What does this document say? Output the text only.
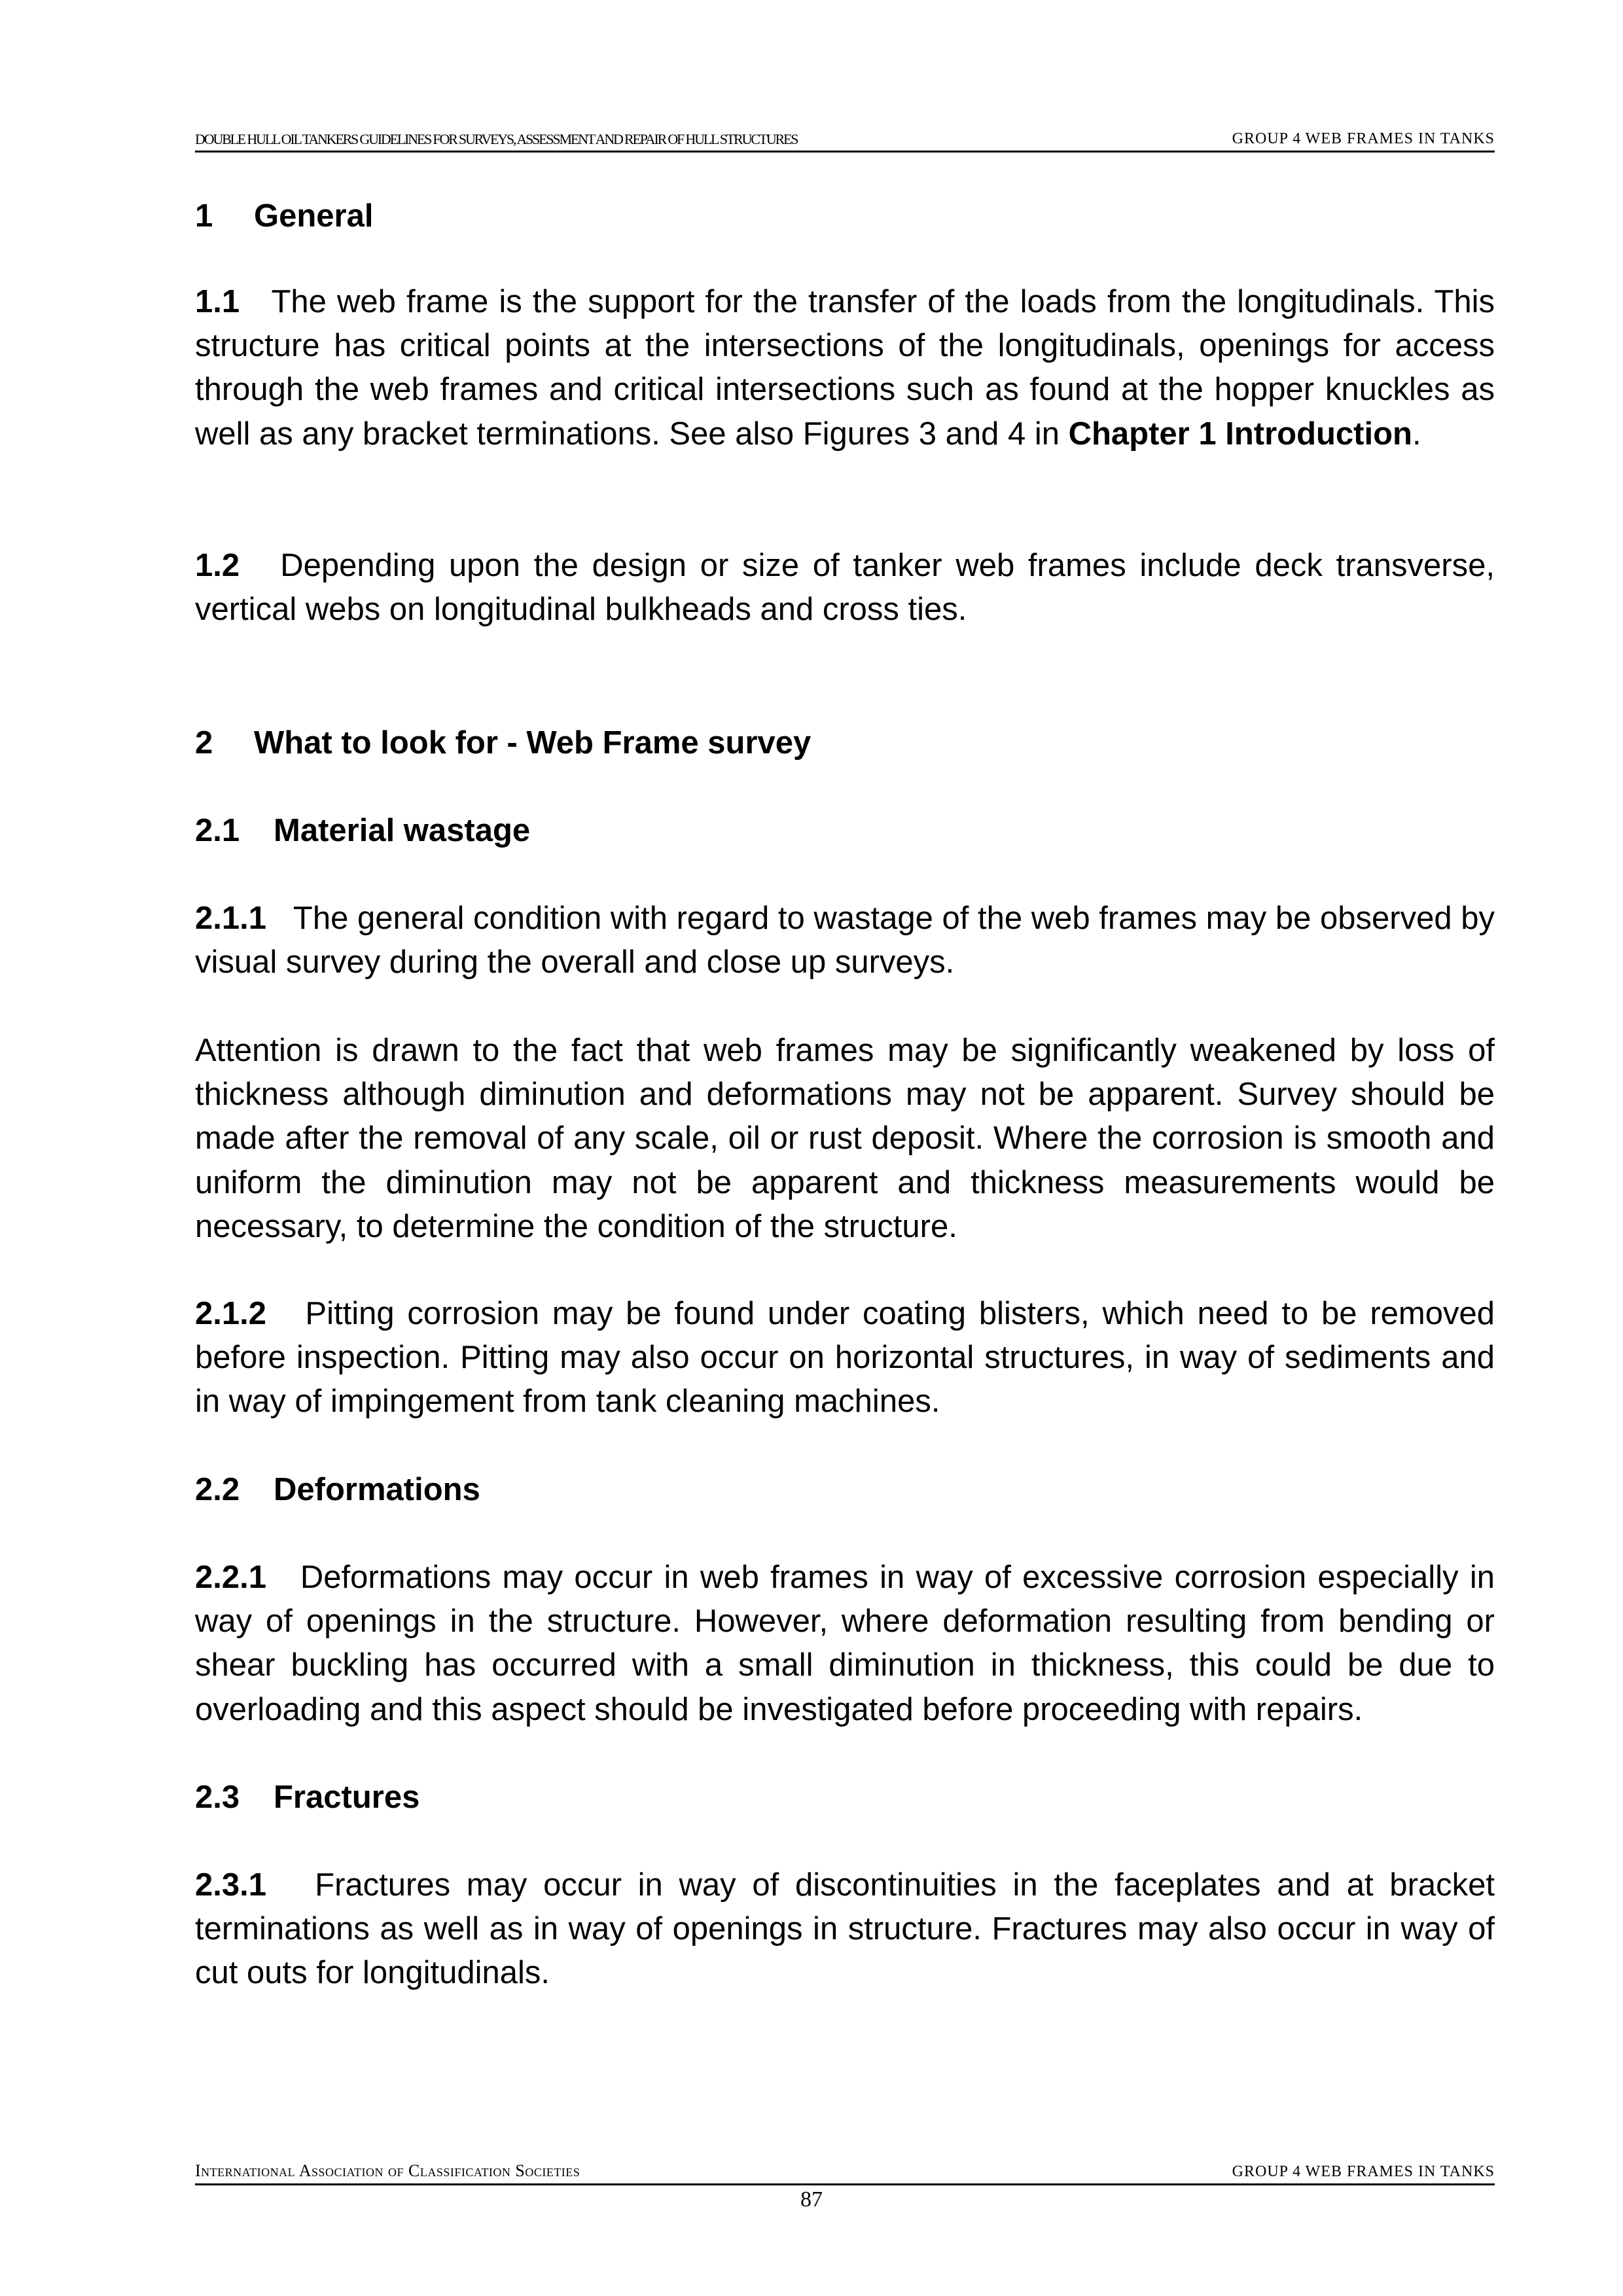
DOUBLE HULL OIL TANKERS GUIDELINES FOR SURVEYS, ASSESSMENT AND REPAIR OF HULL STRUCTURES	GROUP 4 WEB FRAMES IN TANKS
1 General
1.1 The web frame is the support for the transfer of the loads from the longitudinals. This structure has critical points at the intersections of the longitudinals, openings for access through the web frames and critical intersections such as found at the hopper knuckles as well as any bracket terminations. See also Figures 3 and 4 in Chapter 1 Introduction.
1.2 Depending upon the design or size of tanker web frames include deck transverse, vertical webs on longitudinal bulkheads and cross ties.
2 What to look for - Web Frame survey
2.1 Material wastage
2.1.1 The general condition with regard to wastage of the web frames may be observed by visual survey during the overall and close up surveys.
Attention is drawn to the fact that web frames may be significantly weakened by loss of thickness although diminution and deformations may not be apparent. Survey should be made after the removal of any scale, oil or rust deposit. Where the corrosion is smooth and uniform the diminution may not be apparent and thickness measurements would be necessary, to determine the condition of the structure.
2.1.2 Pitting corrosion may be found under coating blisters, which need to be removed before inspection. Pitting may also occur on horizontal structures, in way of sediments and in way of impingement from tank cleaning machines.
2.2 Deformations
2.2.1 Deformations may occur in web frames in way of excessive corrosion especially in way of openings in the structure. However, where deformation resulting from bending or shear buckling has occurred with a small diminution in thickness, this could be due to overloading and this aspect should be investigated before proceeding with repairs.
2.3 Fractures
2.3.1 Fractures may occur in way of discontinuities in the faceplates and at bracket terminations as well as in way of openings in structure. Fractures may also occur in way of cut outs for longitudinals.
International Association of Classification Societies	GROUP 4 WEB FRAMES IN TANKS
87
